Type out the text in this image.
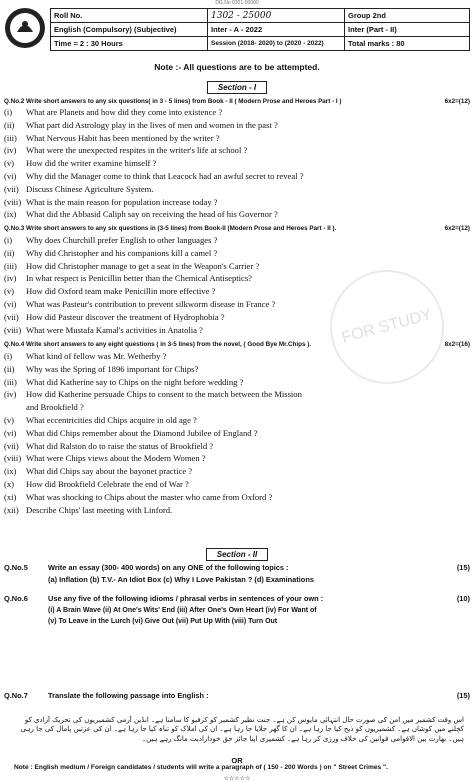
DG.No 0301-00000
Roll No.	1302 - 25000	Group 2nd
English (Compulsory) (Subjective)	Inter - A - 2022	Inter (Part - II)
Time = 2 : 30 Hours	Session (2018- 2020) to (2020 - 2022)	Total marks : 80
Note :- All questions are to be attempted.
Section - I
Q.No.2 Write short answers to any six questions( in 3 - 5 lines) from Book - II ( Modern Prose and Heroes Part - I )	6x2=(12)
(i)	What are Planets and how did they come into existence ?
(ii)	What part did Astrology play in the lives of men and women in the past ?
(iii)	What Nervous Habit has been mentioned by the writer ?
(iv)	What were the unexpected respites in the writer's life at school ?
(v)	How did the writer examine himself ?
(vi)	Why did the Manager come to think that Leacock had an awful secret to reveal ?
(vii) Discuss Chinese Agriculture System.
(viii) What is the main reason for population increase today ?
(ix)	What did the Abbasid Caliph say on receiving the head of his Governor ?
Q.No.3 Write short answers to any six questions in (3-5 lines) from Book-II (Modern Prose and Heroes Part - II ).	6x2=(12)
(i)	Why does Churchill prefer English to other languages ?
(ii)	Why did Christopher and his companions kill a camel ?
(iii)	How did Christopher manage to get a seat in the Weapon's Carrier ?
(iv)	In what respect is Penicillin better than the Chemical Antiseptics?
(v)	How did Oxford team make Penicillin more effective ?
(vi)	What was Pasteur's contribution to prevent silkworm disease in France ?
(vii) How did Pasteur discover the treatment of Hydrophobia ?
(viii) What were Mustafa Kamal's activities in Anatolia ?
Q.No.4 Write short answers to any eight questions ( in 3-5 lines) from the novel, ( Good Bye Mr.Chips ).	8x2=(16)
(i)	What kind of fellow was Mr. Wetherby ?
(ii)	Why was the Spring of 1896 important for Chips?
(iii)	What did Katherine say to Chips on the night before wedding ?
(iv)	How did Katherine persuade Chips to consent to the match between the Mission
and Brookfield ?
(v)	What eccentricities did Chips acquire in old age ?
(vi)	What did Chips remember about the Diamond Jubilee of England ?
(vii) What did Ralston do to raise the status of Brookfield ?
(viii) What were Chips views about the Modern Women ?
(ix)	What did Chips say about the bayonet practice ?
(x)	How did Brookfield Celebrate the end of War ?
(xi)	What was shocking to Chips about the master who came from Oxford ?
(xii) Describe Chips' last meeting with Linford.
FOR STUDY
Section - II
Q.No.5	Write an essay (300- 400 words) on any ONE of the following topics :	(15)
(a) Inflation (b) T.V.- An Idiot Box (c) Why I Love Pakistan ? (d) Examinations
Q.No.6	Use any five of the following idioms / phrasal verbs in sentences of your own :	(10)
(i) A Brain Wave (ii) At One's Wits' End (iii) After One's Own Heart (iv) For Want of
(v) To Leave in the Lurch (vi) Give Out (vii) Put Up With (viii) Turn Out
Q.No.7	Translate the following passage into English :	(15)
اس وقت کشمیر میں امن کی صورت حال انتہائی مایوس کن ہے۔ جنت نظیر کشمیر کو کرفیو کا سامنا ہے۔ انڈین آرمی کشمیریوں کی تحریک آزادی کو کچلنے میں کوشاں ہے۔ کشمیریوں کو ذبح کیا جا رہا ہے۔ ان کا گھر جلایا جا رہا ہے۔ ان کی املاک کو تباہ کیا جا رہا ہے۔ ان کی عزتیں پامال کی جا رہی ہیں۔ بھارت بین الاقوامی قوانین کی خلاف ورزی کر رہا ہے۔ کشمیری اپنا جائز حق خودارادیت مانگ رہے ہیں۔
OR
Note : English medium / Foreign candidates / students will write a paragraph of ( 150 - 200 Words ) on " Street Crimes ".
☆☆☆☆☆
